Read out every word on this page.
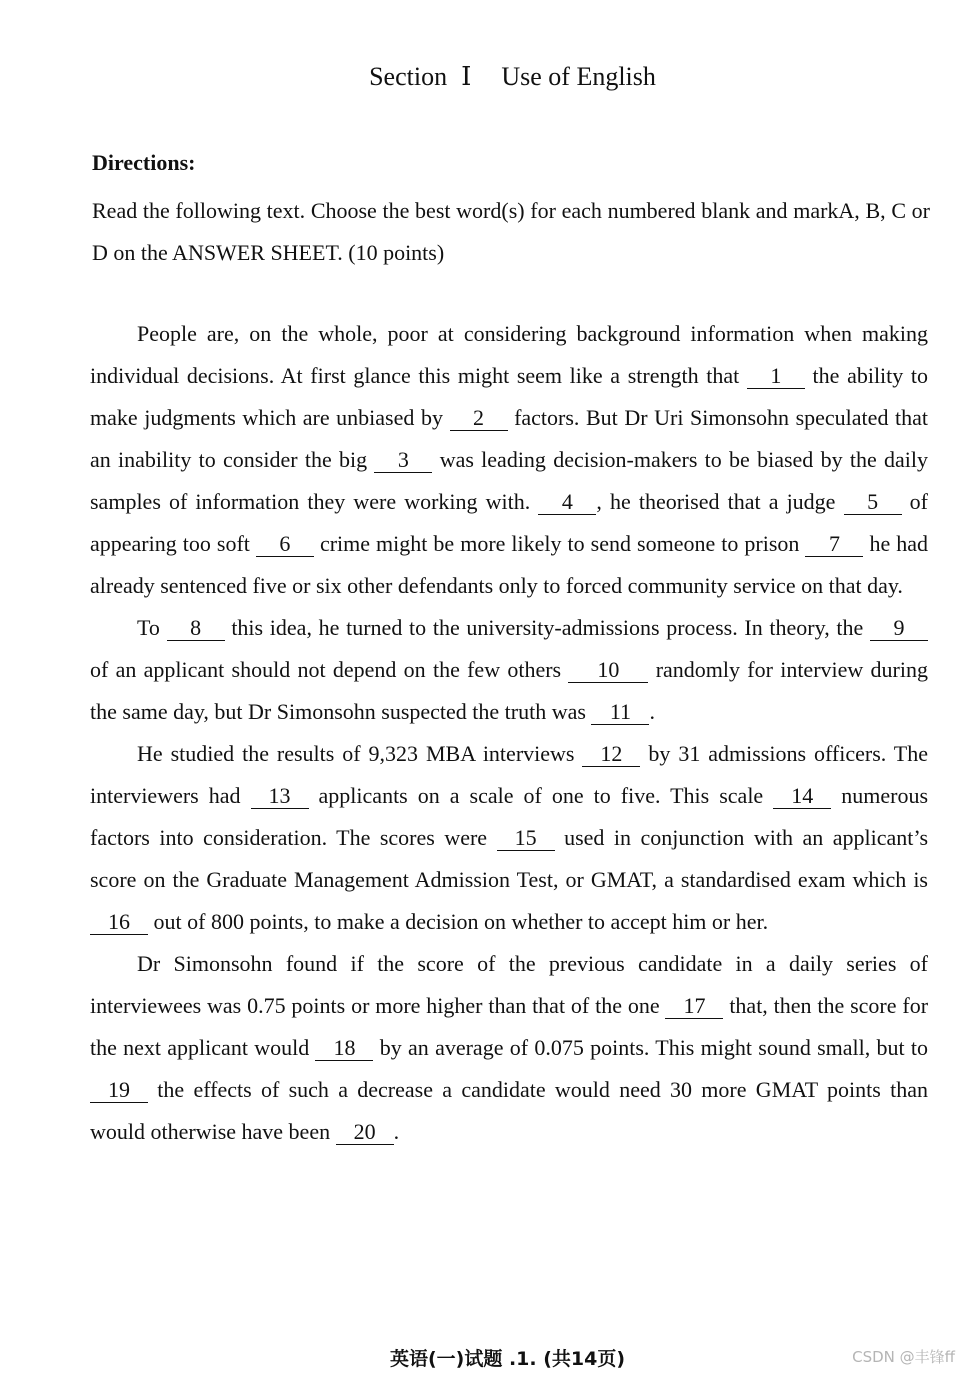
Section Ⅰ Use of English
Directions:
Read the following text. Choose the best word(s) for each numbered blank and markA, B, C or D on the ANSWER SHEET. (10 points)

People are, on the whole, poor at considering background information when making individual decisions. At first glance this might seem like a strength that 1 the ability to make judgments which are unbiased by 2 factors. But Dr Uri Simonsohn speculated that an inability to consider the big 3 was leading decision-makers to be biased by the daily samples of information they were working with. 4 , he theorised that a judge 5 of appearing too soft 6 crime might be more likely to send someone to prison 7 he had already sentenced five or six other defendants only to forced community service on that day.

To 8 this idea, he turned to the university-admissions process. In theory, the 9 of an applicant should not depend on the few others 10 randomly for interview during the same day, but Dr Simonsohn suspected the truth was 11 .

He studied the results of 9,323 MBA interviews 12 by 31 admissions officers. The interviewers had 13 applicants on a scale of one to five. This scale 14 numerous factors into consideration. The scores were 15 used in conjunction with an applicant’s score on the Graduate Management Admission Test, or GMAT, a standardised exam which is 16 out of 800 points, to make a decision on whether to accept him or her.

Dr Simonsohn found if the score of the previous candidate in a daily series of interviewees was 0.75 points or more higher than that of the one 17 that, then the score for the next applicant would 18 by an average of 0.075 points. This might sound small, but to 19 the effects of such a decrease a candidate would need 30 more GMAT points than would otherwise have been 20 .

英语(一)试题 .1. (共14页)	CSDN @丰锋ff
